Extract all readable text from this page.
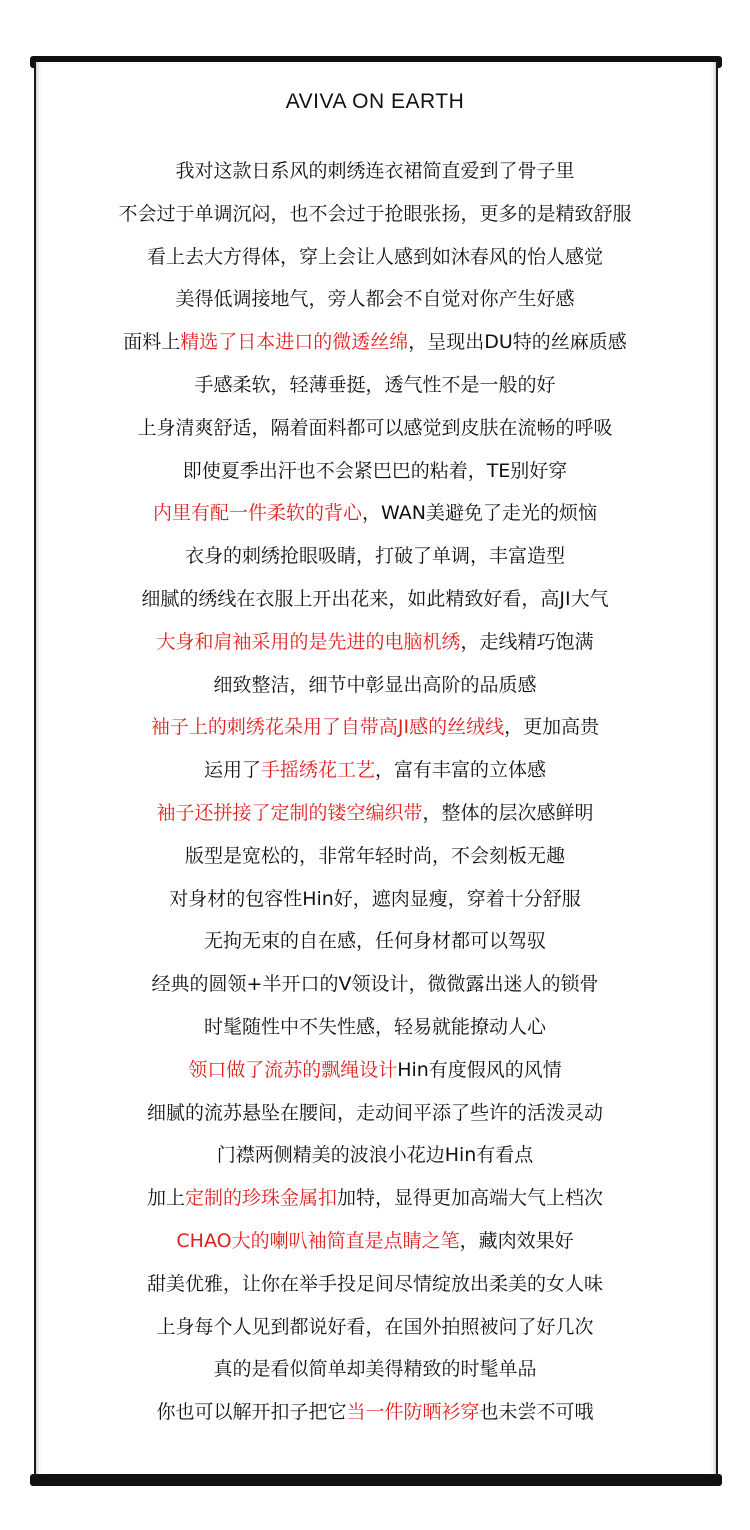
AVIVA ON EARTH
我对这款日系风的刺绣连衣裙简直爱到了骨子里
不会过于单调沉闷，也不会过于抢眼张扬，更多的是精致舒服
看上去大方得体，穿上会让人感到如沐春风的怡人感觉
美得低调接地气，旁人都会不自觉对你产生好感
面料上精选了日本进口的微透丝绵，呈现出DU特的丝麻质感
手感柔软，轻薄垂挺，透气性不是一般的好
上身清爽舒适，隔着面料都可以感觉到皮肤在流畅的呼吸
即使夏季出汗也不会紧巴巴的粘着，TE别好穿
内里有配一件柔软的背心，WAN美避免了走光的烦恼
衣身的刺绣抢眼吸睛，打破了单调，丰富造型
细腻的绣线在衣服上开出花来，如此精致好看，高JI大气
大身和肩袖采用的是先进的电脑机绣，走线精巧饱满
细致整洁，细节中彰显出高阶的品质感
袖子上的刺绣花朵用了自带高JI感的丝绒线，更加高贵
运用了手摇绣花工艺，富有丰富的立体感
袖子还拼接了定制的镂空编织带，整体的层次感鲜明
版型是宽松的，非常年轻时尚，不会刻板无趣
对身材的包容性Hin好，遮肉显瘦，穿着十分舒服
无拘无束的自在感，任何身材都可以驾驭
经典的圆领+半开口的V领设计，微微露出迷人的锁骨
时髦随性中不失性感，轻易就能撩动人心
领口做了流苏的飘绳设计Hin有度假风的风情
细腻的流苏悬坠在腰间，走动间平添了些许的活泼灵动
门襟两侧精美的波浪小花边Hin有看点
加上定制的珍珠金属扣加特，显得更加高端大气上档次
CHAO大的喇叭袖简直是点睛之笔，藏肉效果好
甜美优雅，让你在举手投足间尽情绽放出柔美的女人味
上身每个人见到都说好看，在国外拍照被问了好几次
真的是看似简单却美得精致的时髦单品
你也可以解开扣子把它当一件防晒衫穿也未尝不可哦
